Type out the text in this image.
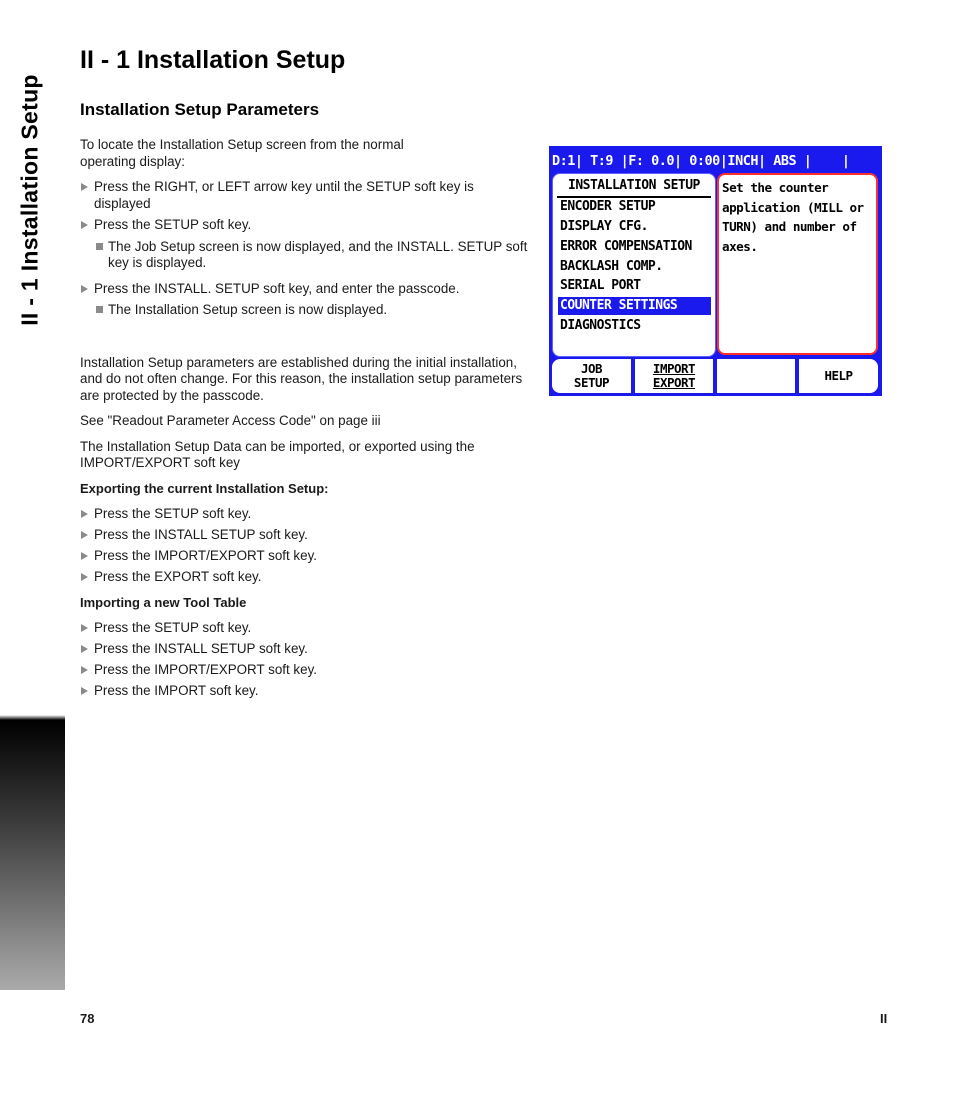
II - 1 Installation Setup
II - 1 Installation Setup
Installation Setup Parameters

To locate the Installation Setup screen from the normal operating display:

Press the RIGHT, or LEFT arrow key until the SETUP soft key is displayed

Press the SETUP soft key.

The Job Setup screen is now displayed, and the INSTALL. SETUP soft key is displayed.

Press the INSTALL. SETUP soft key, and enter the passcode.

The Installation Setup screen is now displayed.

Installation Setup parameters are established during the initial installation, and do not often change. For this reason, the installation setup parameters are protected by the passcode.

See "Readout Parameter Access Code" on page iii

The Installation Setup Data can be imported, or exported using the IMPORT/EXPORT soft key

Exporting the current Installation Setup:

Press the SETUP soft key.

Press the INSTALL SETUP soft key.

Press the IMPORT/EXPORT soft key.

Press the EXPORT soft key.

Importing a new Tool Table

Press the SETUP soft key.

Press the INSTALL SETUP soft key.

Press the IMPORT/EXPORT soft key.

Press the IMPORT soft key.

D:1| T:9 |F: 0.0| 0:00|INCH| ABS |    |
INSTALLATION SETUP
ENCODER SETUP
DISPLAY CFG.
ERROR COMPENSATION
BACKLASH COMP.
SERIAL PORT
COUNTER SETTINGS
DIAGNOSTICS
Set the counter application (MILL or TURN) and number of axes.
JOB
SETUP
IMPORT
EXPORT	HELP
78	II
